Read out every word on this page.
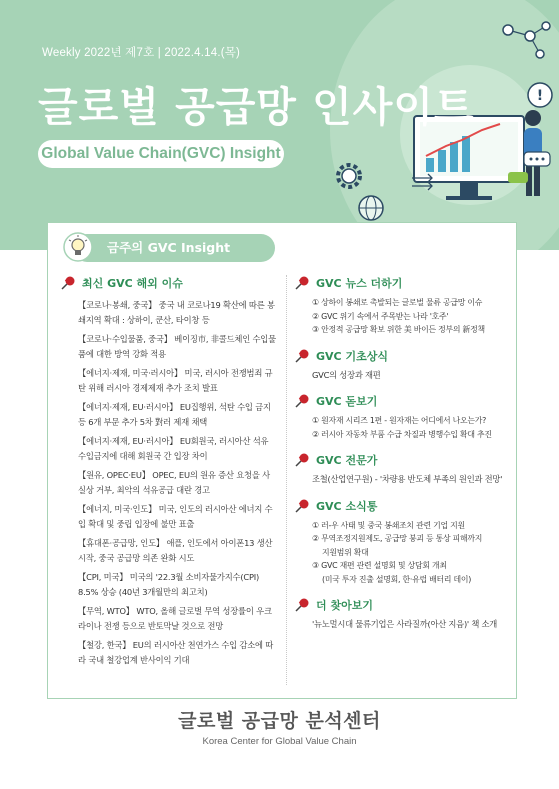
!
Weekly 2022년 제7호 | 2022.4.14.(목)
글로벌 공급망 인사이트
Global Value Chain(GVC) Insight
금주의 GVC Insight
최신 GVC 해외 이슈
【코로나·봉쇄, 중국】 중국 내 코로나19 확산에 따른 봉쇄지역 확대 : 상하이, 쿤산, 타이창 등
【코로나·수입물품, 중국】 베이징市, 非콜드체인 수입물품에 대한 방역 강화 적용
【에너지·제재, 미국·러시아】 미국, 러시아 전쟁범죄 규탄 위해 러시아 경제제재 추가 조치 발표
【에너지·제재, EU·러시아】 EU집행위, 석탄 수입 금지 등 6개 부문 추가 5차 對러 제재 채택
【에너지·제재, EU·러시아】 EU회원국, 러시아산 석유 수입금지에 대해 회원국 간 입장 차이
【원유, OPEC·EU】 OPEC, EU의 원유 증산 요청을 사실상 거부, 최악의 석유공급 대란 경고
【에너지, 미국·인도】 미국, 인도의 러시아산 에너지 수입 확대 및 중립 입장에 불만 표출
【휴대폰·공급망, 인도】 애플, 인도에서 아이폰13 생산 시작, 중국 공급망 의존 완화 시도
【CPI, 미국】 미국의 '22.3월 소비자물가지수(CPI) 8.5% 상승 (40년 3개월만의 최고치)
【무역, WTO】 WTO, 올해 글로벌 무역 성장률이 우크라이나 전쟁 등으로 반토막날 것으로 전망
【철강, 한국】 EU의 러시아산 천연가스 수입 감소에 따라 국내 철강업계 반사이익 기대
GVC 뉴스 더하기
① 상하이 봉쇄로 촉발되는 글로벌 물류 공급망 이슈
② GVC 위기 속에서 주목받는 나라 '호주'
③ 안정적 공급망 확보 위한 美 바이든 정부의 新정책
GVC 기초상식
GVC의 성장과 재편
GVC 돋보기
① 원자재 시리즈 1편 - 원자재는 어디에서 나오는가?
② 러시아 자동차 부품 수급 차질과 병행수입 확대 추진
GVC 전문가
조철(산업연구원) - '차량용 반도체 부족의 원인과 전망'
GVC 소식통
① 러-우 사태 및 중국 봉쇄조치 관련 기업 지원
② 무역조정지원제도, 공급망 붕괴 등 통상 피해까지
지원범위 확대
③ GVC 재편 관련 설명회 및 상담회 개최
(미국 투자 진출 설명회, 한·유럽 배터리 데이)
더 찾아보기
'뉴노멀시대 물류기업은 사라질까(아산 지음)' 책 소개
글로벌 공급망 분석센터
Korea Center for Global Value Chain
